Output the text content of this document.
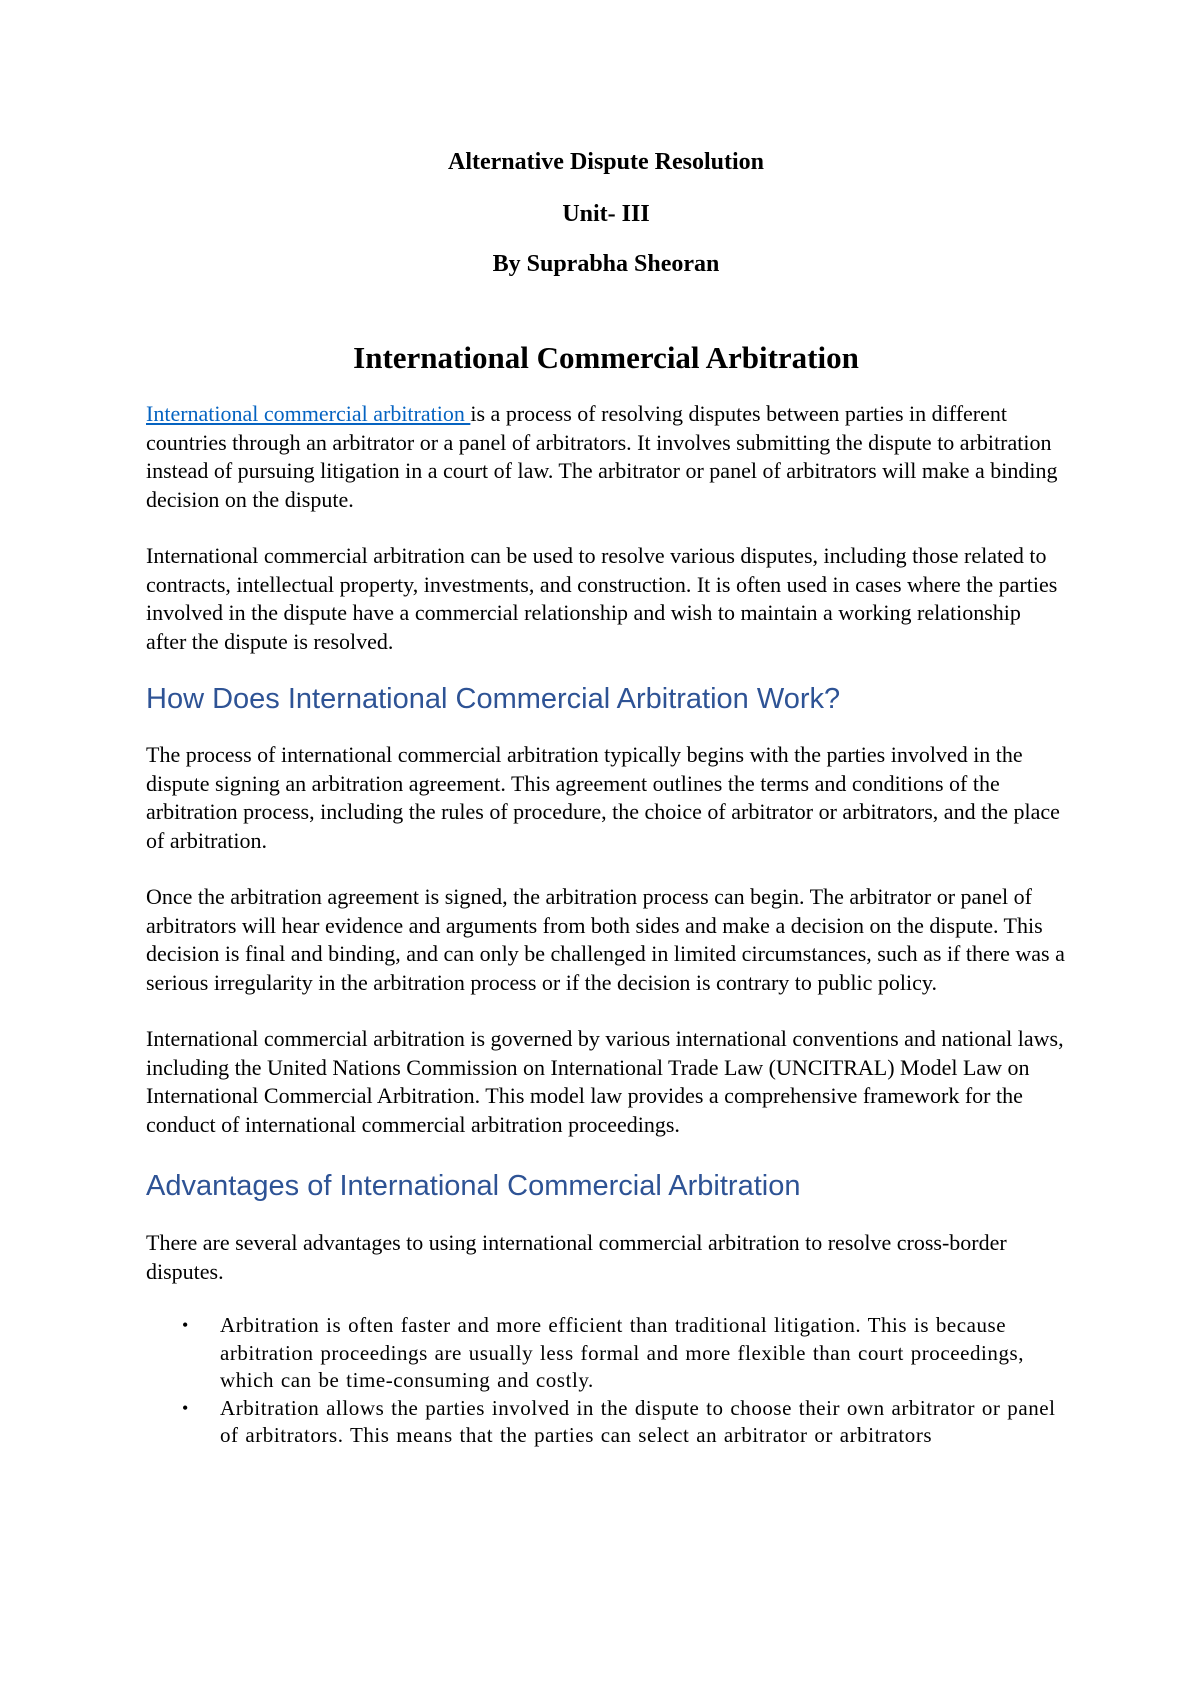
Alternative Dispute Resolution

Unit- III

By Suprabha Sheoran

International Commercial Arbitration

International commercial arbitration is a process of resolving disputes between parties in different countries through an arbitrator or a panel of arbitrators. It involves submitting the dispute to arbitration instead of pursuing litigation in a court of law. The arbitrator or panel of arbitrators will make a binding decision on the dispute.

International commercial arbitration can be used to resolve various disputes, including those related to contracts, intellectual property, investments, and construction. It is often used in cases where the parties involved in the dispute have a commercial relationship and wish to maintain a working relationship after the dispute is resolved.

How Does International Commercial Arbitration Work?

The process of international commercial arbitration typically begins with the parties involved in the dispute signing an arbitration agreement. This agreement outlines the terms and conditions of the arbitration process, including the rules of procedure, the choice of arbitrator or arbitrators, and the place of arbitration.

Once the arbitration agreement is signed, the arbitration process can begin. The arbitrator or panel of arbitrators will hear evidence and arguments from both sides and make a decision on the dispute. This decision is final and binding, and can only be challenged in limited circumstances, such as if there was a serious irregularity in the arbitration process or if the decision is contrary to public policy.

International commercial arbitration is governed by various international conventions and national laws, including the United Nations Commission on International Trade Law (UNCITRAL) Model Law on International Commercial Arbitration. This model law provides a comprehensive framework for the conduct of international commercial arbitration proceedings.

Advantages of International Commercial Arbitration

There are several advantages to using international commercial arbitration to resolve cross-border disputes.

• Arbitration is often faster and more efficient than traditional litigation. This is because arbitration proceedings are usually less formal and more flexible than court proceedings, which can be time-consuming and costly.
• Arbitration allows the parties involved in the dispute to choose their own arbitrator or panel of arbitrators. This means that the parties can select an arbitrator or arbitrators
